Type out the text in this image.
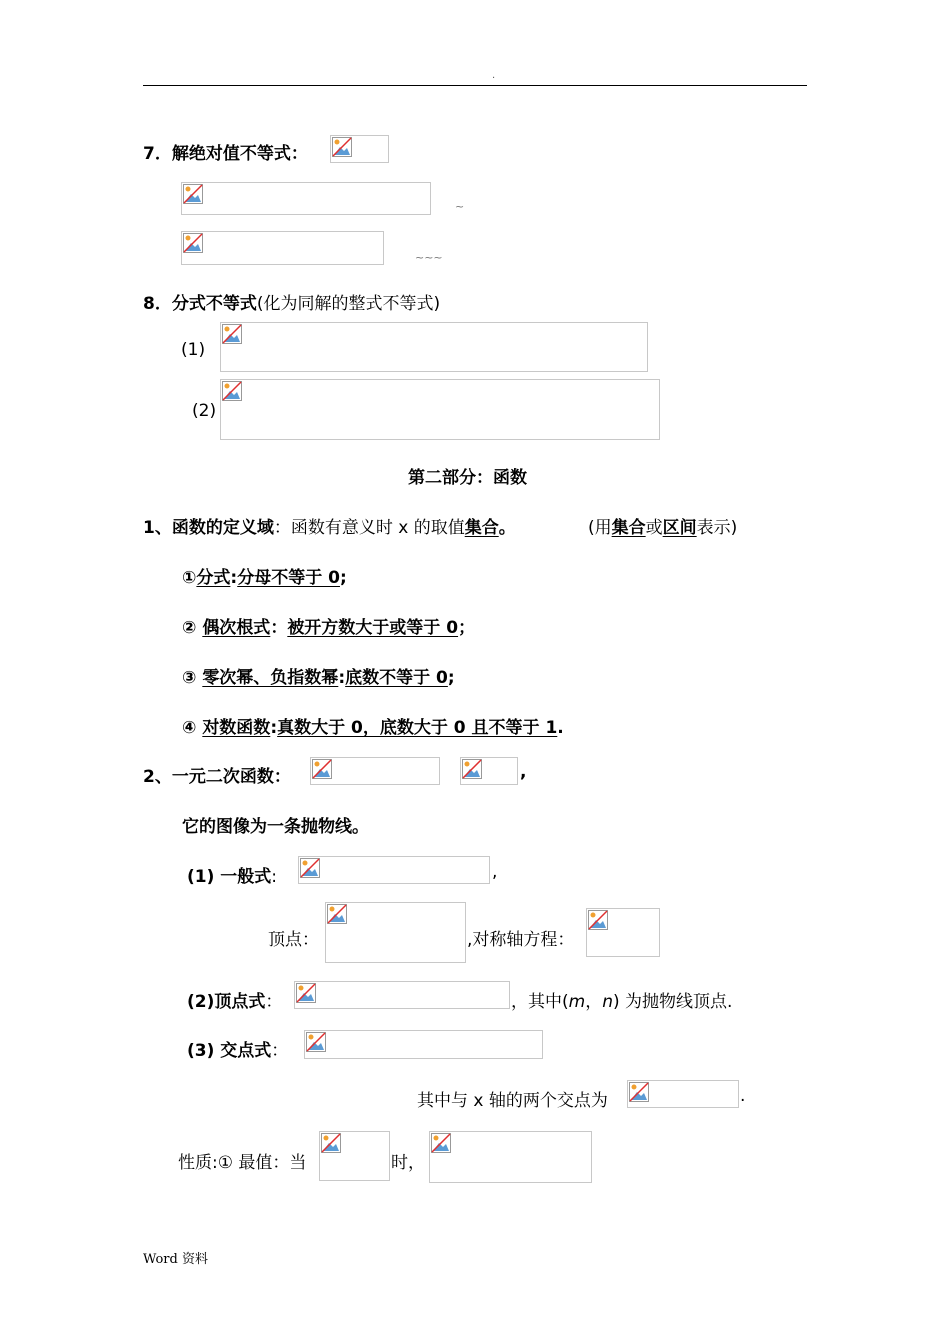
.
7．解绝对值不等式：
~
~~~
8．分式不等式(化为同解的整式不等式)
(1)
(2)
第二部分：函数
1、函数的定义域：函数有意义时 x 的取值集合。	(用集合或区间表示)
①分式:分母不等于 0;
② 偶次根式：被开方数大于或等于 0；
③ 零次幂、负指数幂:底数不等于 0;
④ 对数函数:真数大于 0，底数大于 0 且不等于 1.
2、一元二次函数：	,
它的图像为一条抛物线。
(1) 一般式:	,
顶点：	,对称轴方程：
(2)顶点式：	，其中(m，n) 为抛物线顶点.
(3) 交点式：
其中与 x 轴的两个交点为	.
性质:① 最值：当	时，
Word 资料
